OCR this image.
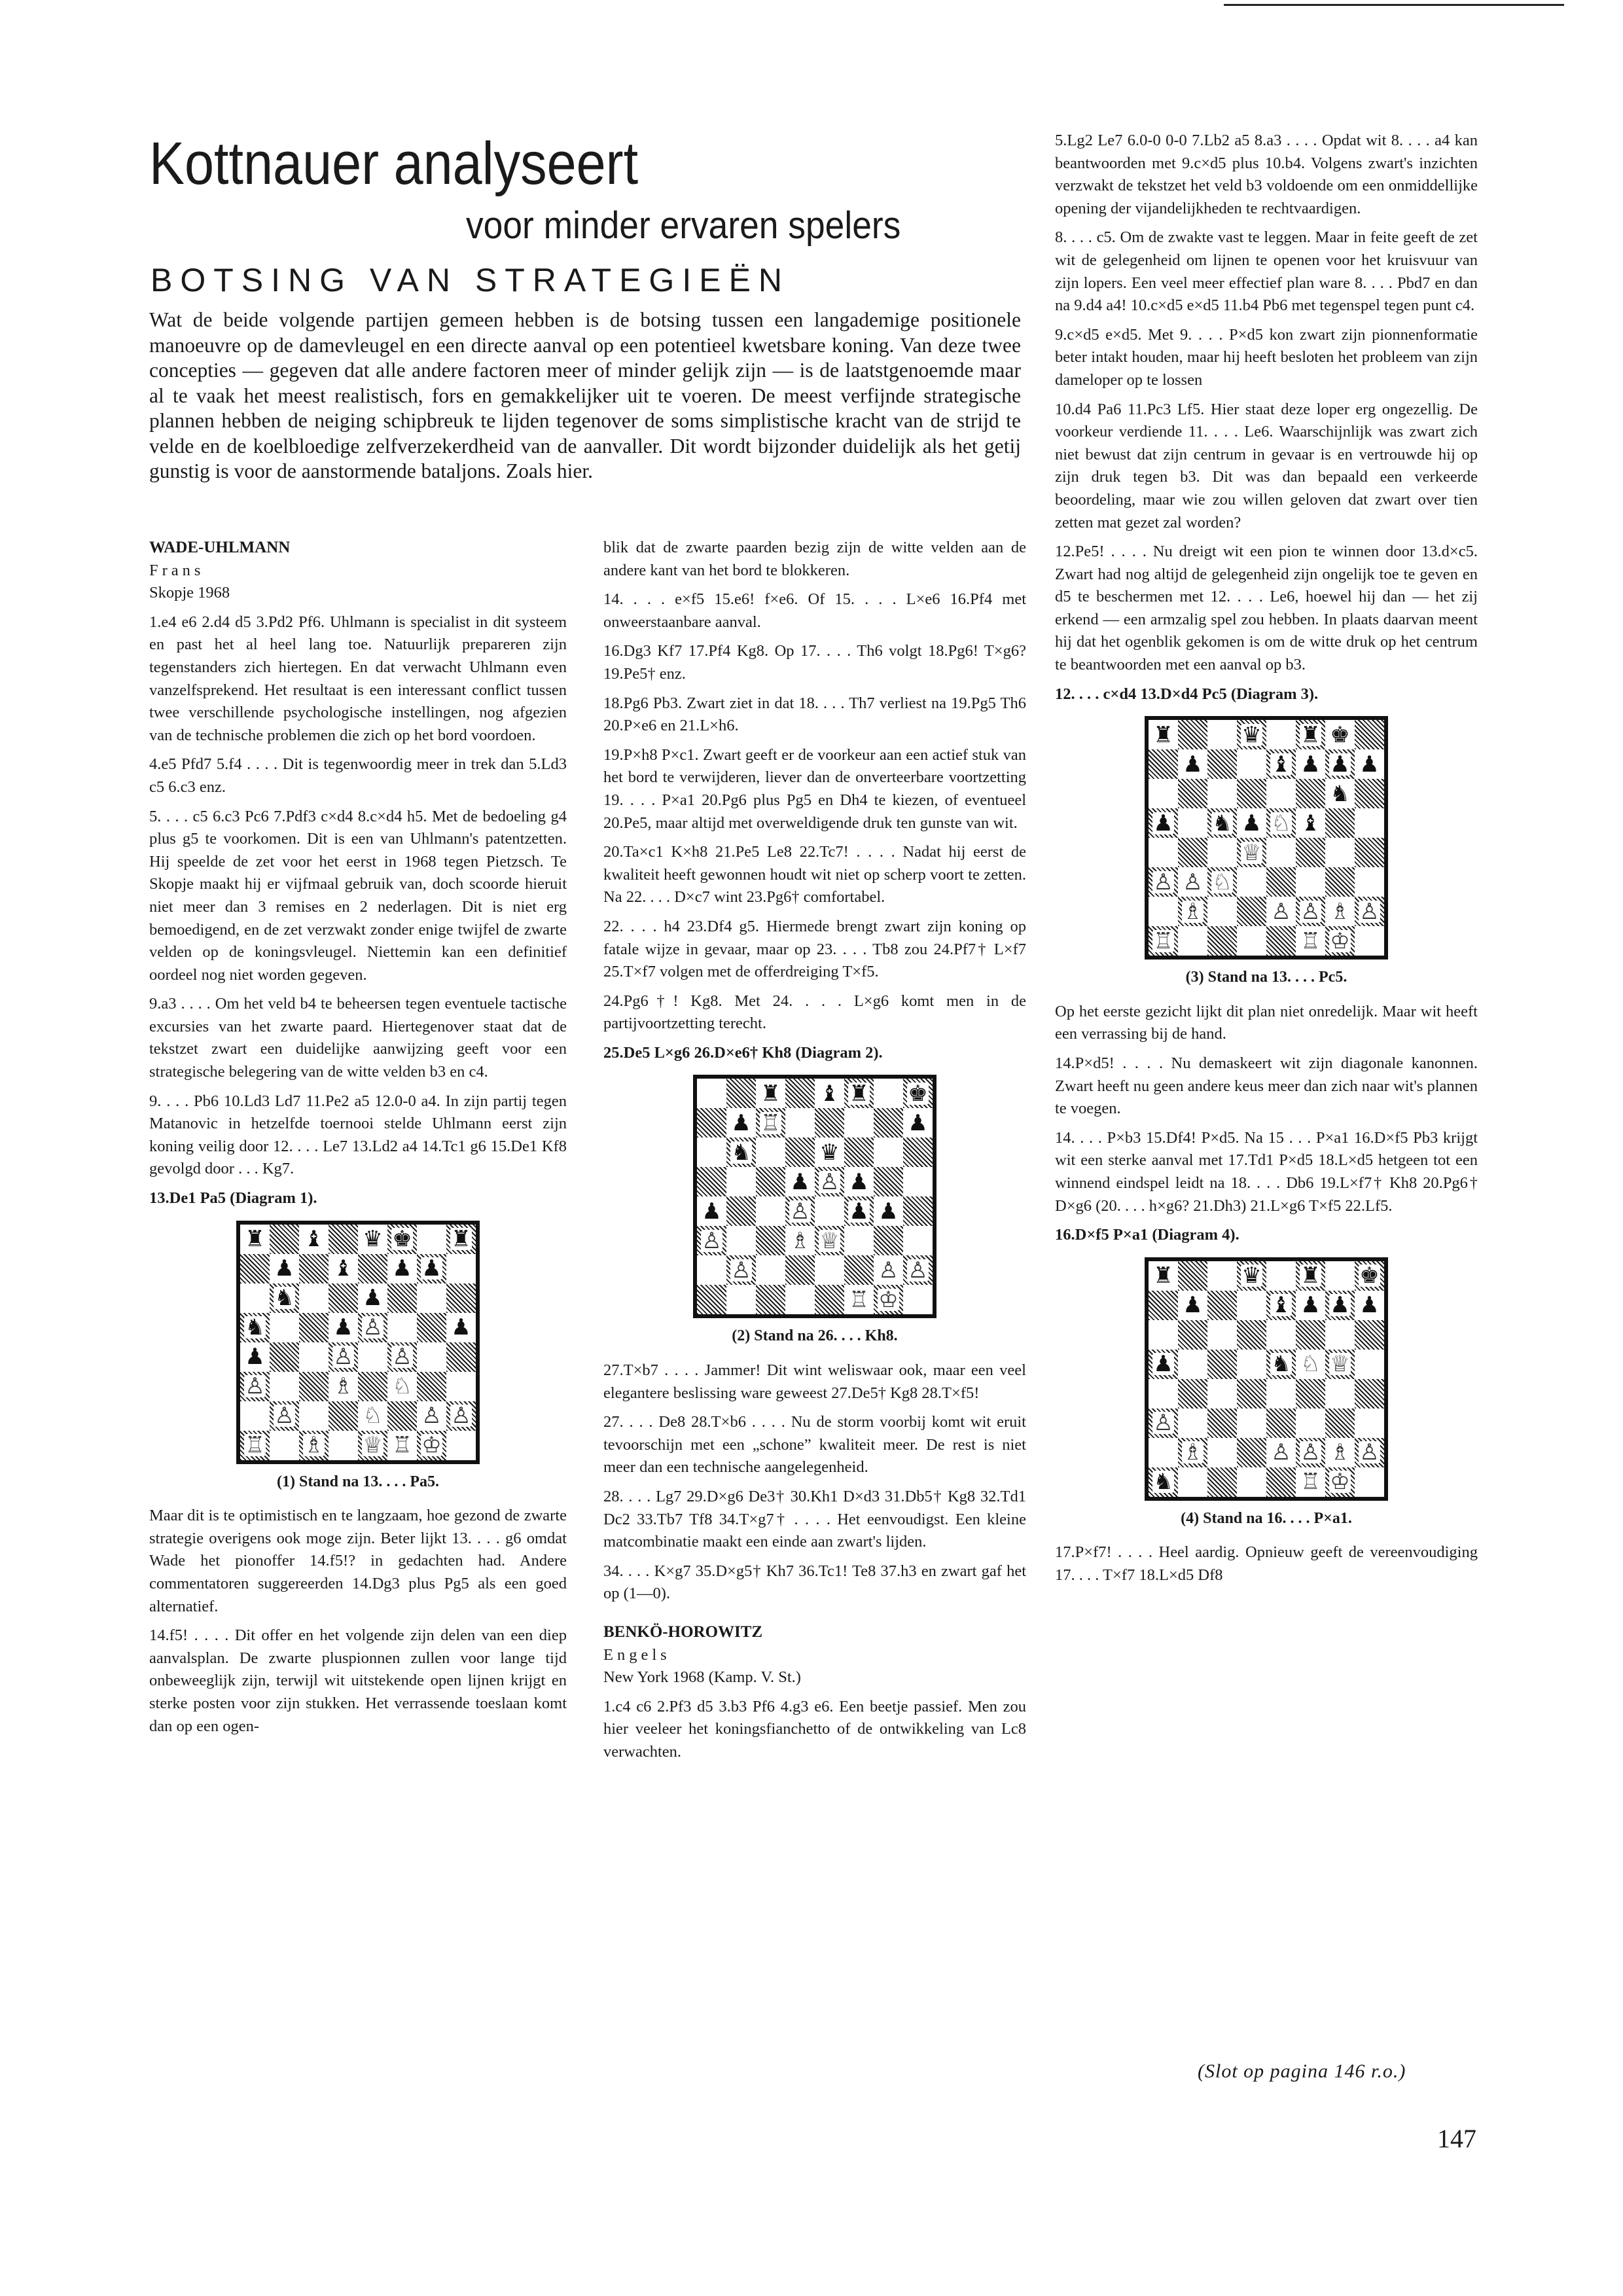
Kottnauer analyseert
voor minder ervaren spelers
BOTSING VAN STRATEGIEËN

Wat de beide volgende partijen gemeen hebben is de botsing tussen een langademige positionele manoeuvre op de damevleugel en een directe aanval op een potentieel kwetsbare koning. Van deze twee concepties — gegeven dat alle andere factoren meer of minder gelijk zijn — is de laatstgenoemde maar al te vaak het meest realistisch, fors en gemakkelijker uit te voeren. De meest verfijnde strategische plannen hebben de neiging schipbreuk te lijden tegenover de soms simplistische kracht van de strijd te velde en de koelbloedige zelfverzekerdheid van de aanvaller. Dit wordt bijzonder duidelijk als het getij gunstig is voor de aanstormende bataljons. Zoals hier.

WADE-UHLMANN

Frans

Skopje 1968

1.e4 e6 2.d4 d5 3.Pd2 Pf6. Uhlmann is specialist in dit systeem en past het al heel lang toe. Natuurlijk prepareren zijn tegenstanders zich hiertegen. En dat verwacht Uhlmann even vanzelfsprekend. Het resultaat is een interessant conflict tussen twee verschillende psychologische instellingen, nog afgezien van de technische problemen die zich op het bord voordoen.

4.e5 Pfd7 5.f4 . . . . Dit is tegenwoordig meer in trek dan 5.Ld3 c5 6.c3 enz.

5. . . . c5 6.c3 Pc6 7.Pdf3 c×d4 8.c×d4 h5. Met de bedoeling g4 plus g5 te voorkomen. Dit is een van Uhlmann's patentzetten. Hij speelde de zet voor het eerst in 1968 tegen Pietzsch. Te Skopje maakt hij er vijfmaal gebruik van, doch scoorde hieruit niet meer dan 3 remises en 2 nederlagen. Dit is niet erg bemoedigend, en de zet verzwakt zonder enige twijfel de zwarte velden op de koningsvleugel. Niettemin kan een definitief oordeel nog niet worden gegeven.

9.a3 . . . . Om het veld b4 te beheersen tegen eventuele tactische excursies van het zwarte paard. Hiertegenover staat dat de tekstzet zwart een duidelijke aanwijzing geeft voor een strategische belegering van de witte velden b3 en c4.

9. . . . Pb6 10.Ld3 Ld7 11.Pe2 a5 12.0-0 a4. In zijn partij tegen Matanovic in hetzelfde toernooi stelde Uhlmann eerst zijn koning veilig door 12. . . . Le7 13.Ld2 a4 14.Tc1 g6 15.De1 Kf8 gevolgd door . . . Kg7.

13.De1 Pa5 (Diagram 1).

♜ ♝ ♛ ♚ ♜
♟ ♝ ♟ ♟
♞	♟
♞	♟ ♙	♟
♟	♙ ♙
♙	♗ ♘
♙	♘ ♙ ♙
♖ ♗ ♕ ♖ ♔
(1) Stand na 13. . . . Pa5.

Maar dit is te optimistisch en te langzaam, hoe gezond de zwarte strategie overigens ook moge zijn. Beter lijkt 13. . . . g6 omdat Wade het pionoffer 14.f5!? in gedachten had. Andere commentatoren suggereerden 14.Dg3 plus Pg5 als een goed alternatief.

14.f5! . . . . Dit offer en het volgende zijn delen van een diep aanvalsplan. De zwarte pluspionnen zullen voor lange tijd onbeweeglijk zijn, terwijl wit uitstekende open lijnen krijgt en sterke posten voor zijn stukken. Het verrassende toeslaan komt dan op een ogen-

blik dat de zwarte paarden bezig zijn de witte velden aan de andere kant van het bord te blokkeren.

14. . . . e×f5 15.e6! f×e6. Of 15. . . . L×e6 16.Pf4 met onweerstaanbare aanval.

16.Dg3 Kf7 17.Pf4 Kg8. Op 17. . . . Th6 volgt 18.Pg6! T×g6? 19.Pe5† enz.

18.Pg6 Pb3. Zwart ziet in dat 18. . . . Th7 verliest na 19.Pg5 Th6 20.P×e6 en 21.L×h6.

19.P×h8 P×c1. Zwart geeft er de voorkeur aan een actief stuk van het bord te verwijderen, liever dan de onverteerbare voortzetting 19. . . . P×a1 20.Pg6 plus Pg5 en Dh4 te kiezen, of eventueel 20.Pe5, maar altijd met overweldigende druk ten gunste van wit.

20.Ta×c1 K×h8 21.Pe5 Le8 22.Tc7! . . . . Nadat hij eerst de kwaliteit heeft gewonnen houdt wit niet op scherp voort te zetten. Na 22. . . . D×c7 wint 23.Pg6† comfortabel.

22. . . . h4 23.Df4 g5. Hiermede brengt zwart zijn koning op fatale wijze in gevaar, maar op 23. . . . Tb8 zou 24.Pf7† L×f7 25.T×f7 volgen met de offerdreiging T×f5.

24.Pg6†! Kg8. Met 24. . . . L×g6 komt men in de partijvoortzetting terecht.

25.De5 L×g6 26.D×e6† Kh8 (Diagram 2).

♜ ♝ ♜ ♚
♟ ♖	♟
♞	♛
♟ ♙ ♟
♟	♙ ♟ ♟
♙	♗ ♕
♙	♙ ♙
♖ ♔
(2) Stand na 26. . . . Kh8.

27.T×b7 . . . . Jammer! Dit wint weliswaar ook, maar een veel elegantere beslissing ware geweest 27.De5† Kg8 28.T×f5!

27. . . . De8 28.T×b6 . . . . Nu de storm voorbij komt wit eruit tevoorschijn met een „schone” kwaliteit meer. De rest is niet meer dan een technische aangelegenheid.

28. . . . Lg7 29.D×g6 De3† 30.Kh1 D×d3 31.Db5† Kg8 32.Td1 Dc2 33.Tb7 Tf8 34.T×g7† . . . . Het eenvoudigst. Een kleine matcombinatie maakt een einde aan zwart's lijden.

34. . . . K×g7 35.D×g5† Kh7 36.Tc1! Te8 37.h3 en zwart gaf het op (1—0).

BENKÖ-HOROWITZ

Engels

New York 1968 (Kamp. V. St.)

1.c4 c6 2.Pf3 d5 3.b3 Pf6 4.g3 e6. Een beetje passief. Men zou hier veeleer het koningsfianchetto of de ontwikkeling van Lc8 verwachten.

5.Lg2 Le7 6.0-0 0-0 7.Lb2 a5 8.a3 . . . . Opdat wit 8. . . . a4 kan beantwoorden met 9.c×d5 plus 10.b4. Volgens zwart's inzichten verzwakt de tekstzet het veld b3 voldoende om een onmiddellijke opening der vijandelijkheden te rechtvaardigen.

8. . . . c5. Om de zwakte vast te leggen. Maar in feite geeft de zet wit de gelegenheid om lijnen te openen voor het kruisvuur van zijn lopers. Een veel meer effectief plan ware 8. . . . Pbd7 en dan na 9.d4 a4! 10.c×d5 e×d5 11.b4 Pb6 met tegenspel tegen punt c4.

9.c×d5 e×d5. Met 9. . . . P×d5 kon zwart zijn pionnenformatie beter intakt houden, maar hij heeft besloten het probleem van zijn dameloper op te lossen

10.d4 Pa6 11.Pc3 Lf5. Hier staat deze loper erg ongezellig. De voorkeur verdiende 11. . . . Le6. Waarschijnlijk was zwart zich niet bewust dat zijn centrum in gevaar is en vertrouwde hij op zijn druk tegen b3. Dit was dan bepaald een verkeerde beoordeling, maar wie zou willen geloven dat zwart over tien zetten mat gezet zal worden?

12.Pe5! . . . . Nu dreigt wit een pion te winnen door 13.d×c5. Zwart had nog altijd de gelegenheid zijn ongelijk toe te geven en d5 te beschermen met 12. . . . Le6, hoewel hij dan — het zij erkend — een armzalig spel zou hebben. In plaats daarvan meent hij dat het ogenblik gekomen is om de witte druk op het centrum te beantwoorden met een aanval op b3.

12. . . . c×d4 13.D×d4 Pc5 (Diagram 3).

♜	♛ ♜ ♚
♟	♝ ♟ ♟ ♟
♞
♟ ♞ ♟ ♘ ♝
♕
♙ ♙ ♘
♗	♙ ♙ ♗ ♙
♖	♖ ♔
(3) Stand na 13. . . . Pc5.

Op het eerste gezicht lijkt dit plan niet onredelijk. Maar wit heeft een verrassing bij de hand.

14.P×d5! . . . . Nu demaskeert wit zijn diagonale kanonnen. Zwart heeft nu geen andere keus meer dan zich naar wit's plannen te voegen.

14. . . . P×b3 15.Df4! P×d5. Na 15 . . . P×a1 16.D×f5 Pb3 krijgt wit een sterke aanval met 17.Td1 P×d5 18.L×d5 hetgeen tot een winnend eindspel leidt na 18. . . . Db6 19.L×f7† Kh8 20.Pg6† D×g6 (20. . . . h×g6? 21.Dh3) 21.L×g6 T×f5 22.Lf5.

16.D×f5 P×a1 (Diagram 4).

♜	♛ ♜ ♚
♟	♝ ♟ ♟ ♟
♟	♞ ♘ ♕
♙
♗	♙ ♙ ♗ ♙
♞	♖ ♔
(4) Stand na 16. . . . P×a1.

17.P×f7! . . . . Heel aardig. Opnieuw geeft de vereenvoudiging 17. . . . T×f7 18.L×d5 Df8

(Slot op pagina 146 r.o.)
147
